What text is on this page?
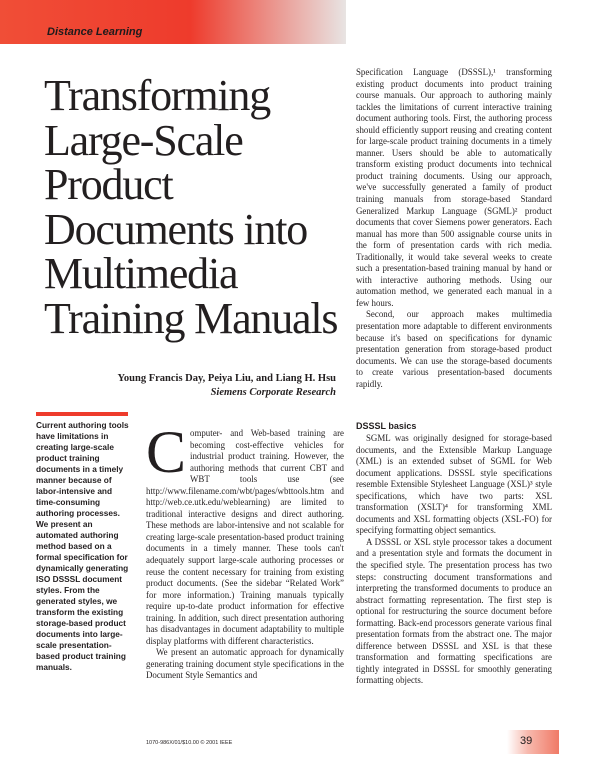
Distance Learning
Transforming
Large-Scale
Product
Documents into
Multimedia
Training Manuals
Young Francis Day, Peiya Liu, and Liang H. Hsu
Siemens Corporate Research
Current authoring tools have limitations in creating large-scale product training documents in a timely manner because of labor-intensive and time-consuming authoring processes. We present an automated authoring method based on a formal specification for dynamically generating ISO DSSSL document styles. From the generated styles, we transform the existing storage-based product documents into large-scale presentation-based product training manuals.

Computer- and Web-based training are becoming cost-effective vehicles for industrial product training. However, the authoring methods that current CBT and WBT tools use (see http://www.filename.com/wbt/pages/wbttools.htm and http://web.ce.utk.edu/weblearning) are limited to traditional interactive designs and direct authoring. These methods are labor-intensive and not scalable for creating large-scale presentation-based product training documents in a timely manner. These tools can't adequately support large-scale authoring processes or reuse the content necessary for training from existing product documents. (See the sidebar “Related Work” for more information.) Training manuals typically require up-to-date product information for effective training. In addition, such direct presentation authoring has disadvantages in document adaptability to multiple display platforms with different characteristics.

We present an automatic approach for dynamically generating training document style specifications in the Document Style Semantics and

Specification Language (DSSSL),¹ transforming existing product documents into product training course manuals. Our approach to authoring mainly tackles the limitations of current interactive training document authoring tools. First, the authoring process should efficiently support reusing and creating content for large-scale product training documents in a timely manner. Users should be able to automatically transform existing product documents into technical product training documents. Using our approach, we've successfully generated a family of product training manuals from storage-based Standard Generalized Markup Language (SGML)² product documents that cover Siemens power generators. Each manual has more than 500 assignable course units in the form of presentation cards with rich media. Traditionally, it would take several weeks to create such a presentation-based training manual by hand or with interactive authoring methods. Using our automation method, we generated each manual in a few hours.

Second, our approach makes multimedia presentation more adaptable to different environments because it's based on specifications for dynamic presentation generation from storage-based product documents. We can use the storage-based documents to create various presentation-based documents rapidly.

DSSSL basics

SGML was originally designed for storage-based documents, and the Extensible Markup Language (XML) is an extended subset of SGML for Web document applications. DSSSL style specifications resemble Extensible Stylesheet Language (XSL)³ style specifications, which have two parts: XSL transformation (XSLT)⁴ for transforming XML documents and XSL formatting objects (XSL-FO) for specifying formatting object semantics.

A DSSSL or XSL style processor takes a document and a presentation style and formats the document in the specified style. The presentation process has two steps: constructing document transformations and interpreting the transformed documents to produce an abstract formatting representation. The first step is optional for restructuring the source document before formatting. Back-end processors generate various final presentation formats from the abstract one. The major difference between DSSSL and XSL is that these transformation and formatting specifications are tightly integrated in DSSSL for smoothly generating formatting objects.

1070-986X/01/$10.00 © 2001 IEEE	39
